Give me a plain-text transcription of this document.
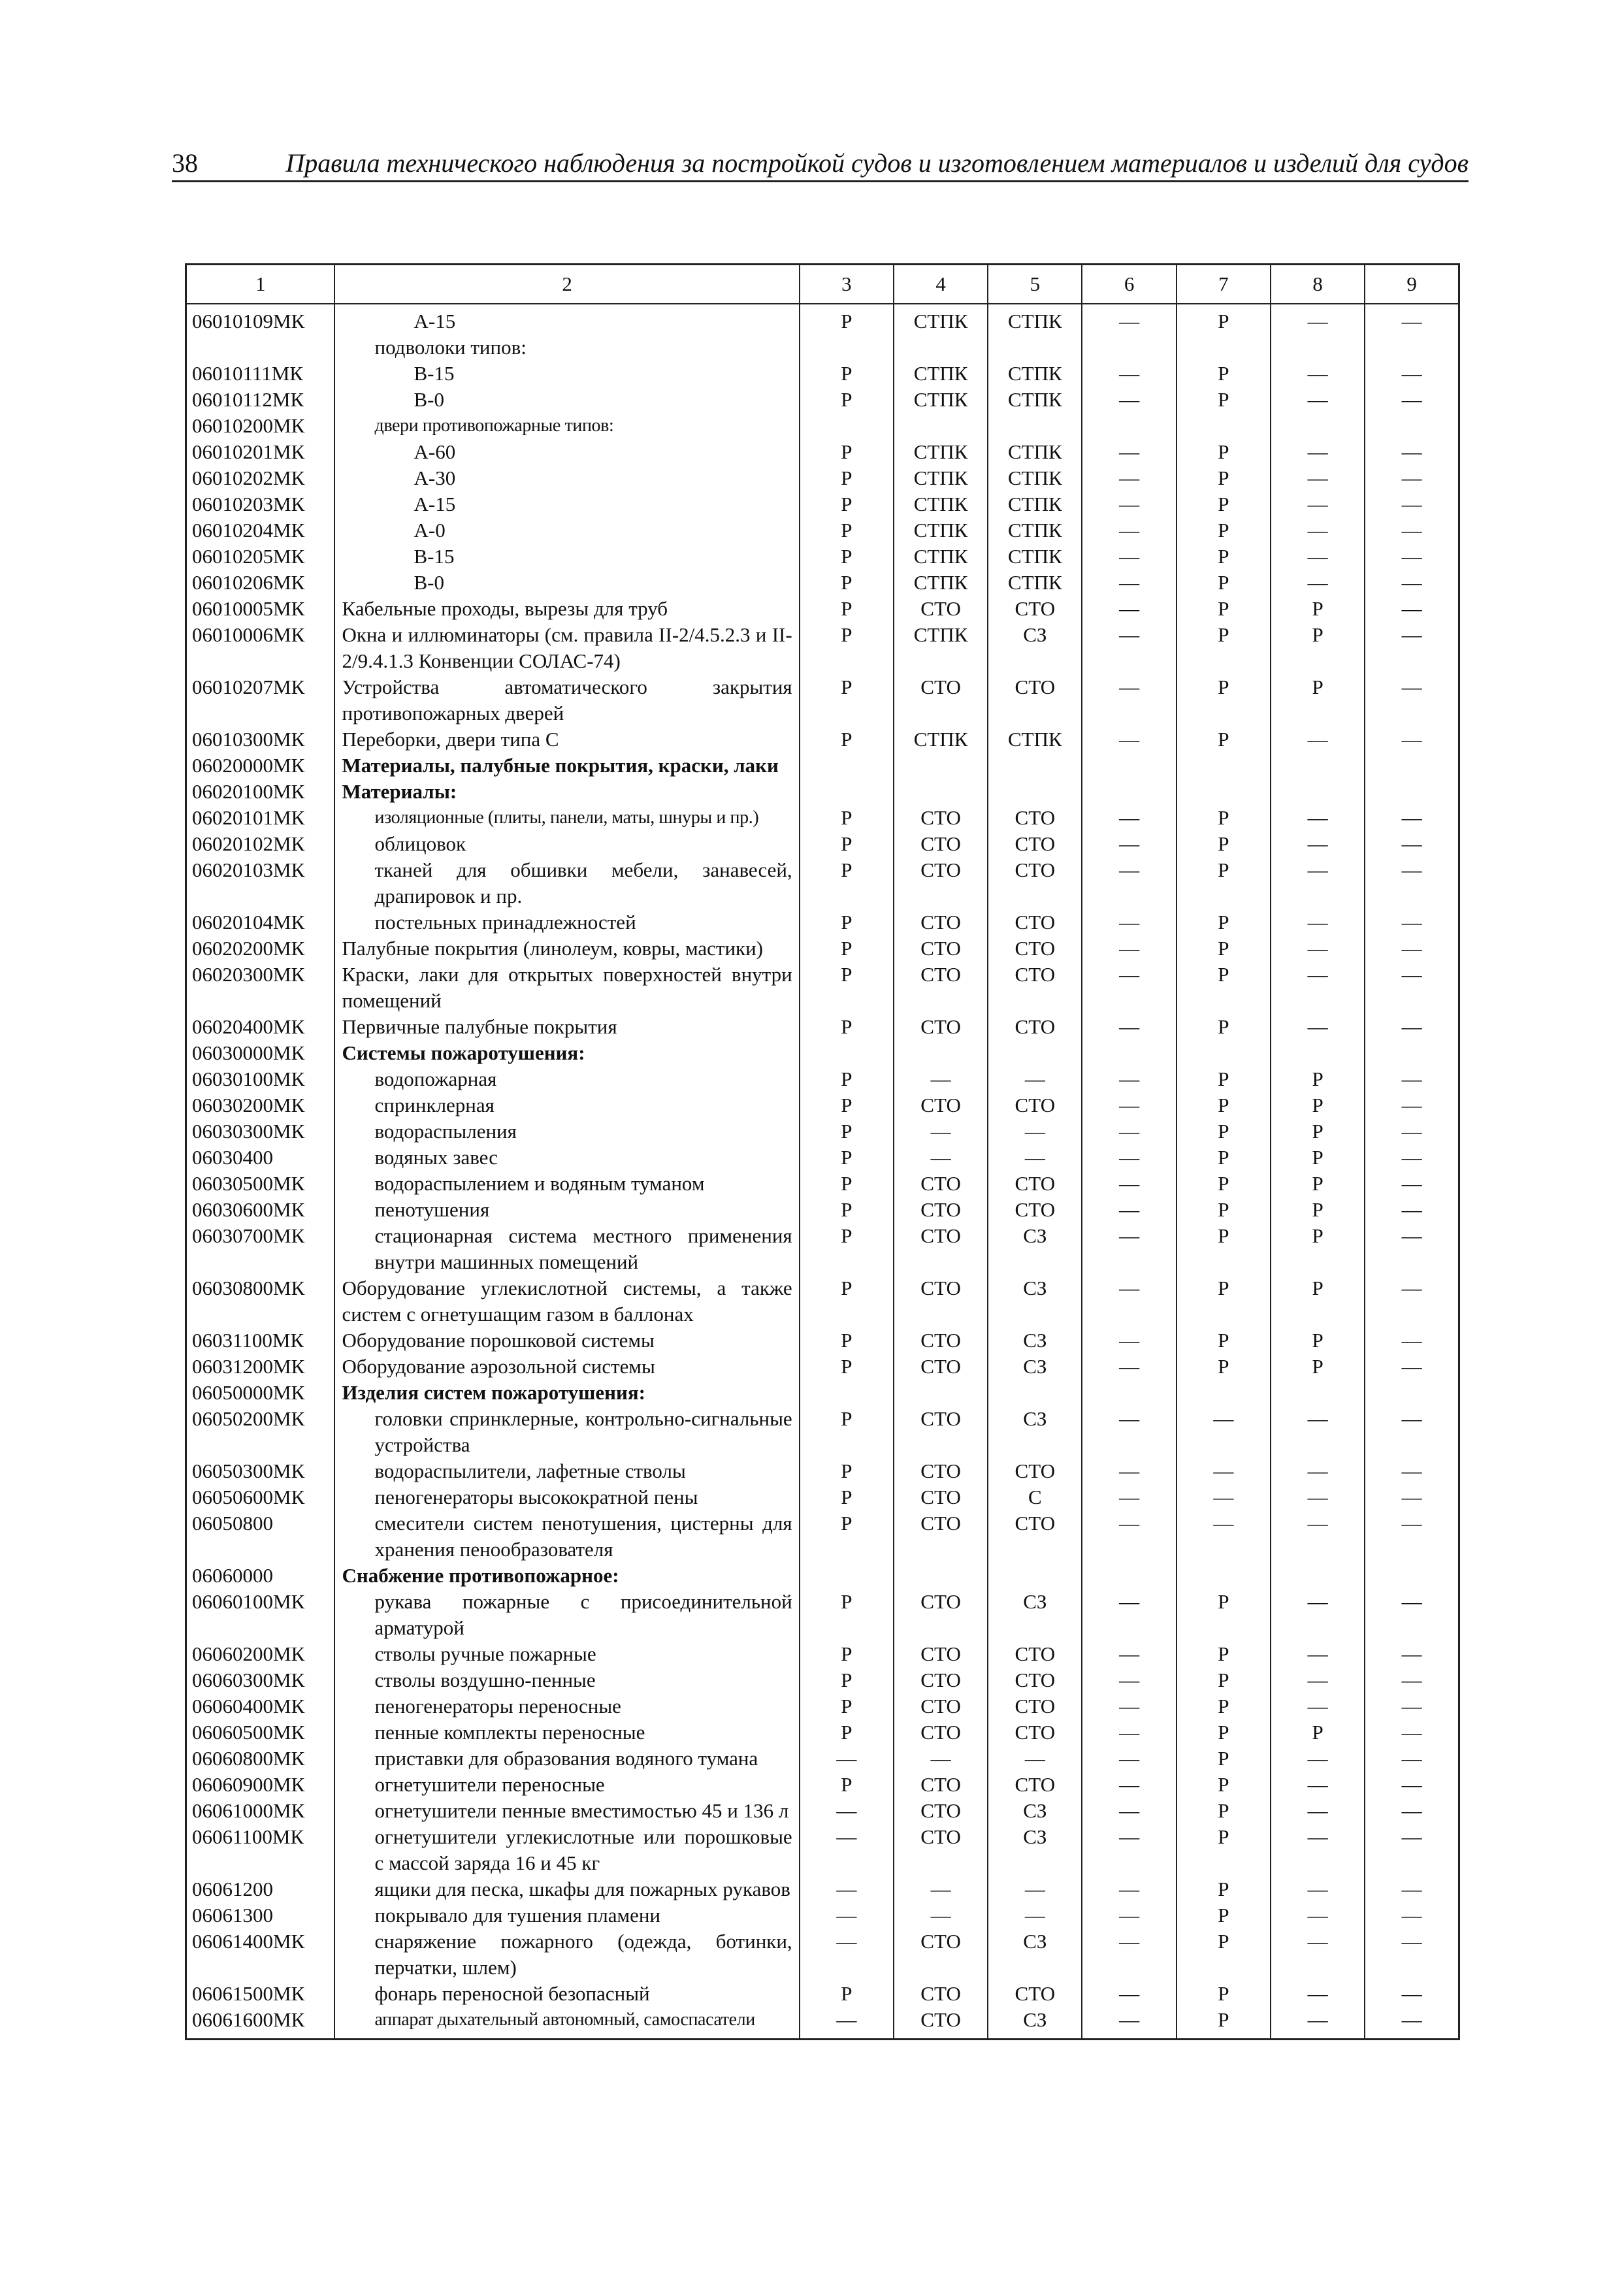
38	Правила технического наблюдения за постройкой судов и изготовлением материалов и изделий для судов
1	2	3	4	5	6	7	8	9
06010109МК	А-15	Р	СТПК	СТПК	—	Р	—	—
	подволоки типов:							
06010111МК	В-15	Р	СТПК	СТПК	—	Р	—	—
06010112МК	В-0	Р	СТПК	СТПК	—	Р	—	—
06010200МК	двери противопожарные типов:							
06010201МК	А-60	Р	СТПК	СТПК	—	Р	—	—
06010202МК	А-30	Р	СТПК	СТПК	—	Р	—	—
06010203МК	А-15	Р	СТПК	СТПК	—	Р	—	—
06010204МК	А-0	Р	СТПК	СТПК	—	Р	—	—
06010205МК	В-15	Р	СТПК	СТПК	—	Р	—	—
06010206МК	В-0	Р	СТПК	СТПК	—	Р	—	—
06010005МК	Кабельные проходы, вырезы для труб	Р	СТО	СТО	—	Р	Р	—
06010006МК	Окна и иллюминаторы (см. правила II-2/4.5.2.3 и II-2/9.4.1.3 Конвенции СОЛАС-74)	Р	СТПК	СЗ	—	Р	Р	—
06010207МК	Устройства автоматического закрытия противопожарных дверей	Р	СТО	СТО	—	Р	Р	—
06010300МК	Переборки, двери типа С	Р	СТПК	СТПК	—	Р	—	—
06020000МК	Материалы, палубные покрытия, краски, лаки							
06020100МК	Материалы:							
06020101МК	изоляционные (плиты, панели, маты, шнуры и пр.)	Р	СТО	СТО	—	Р	—	—
06020102МК	облицовок	Р	СТО	СТО	—	Р	—	—
06020103МК	тканей для обшивки мебели, занавесей, драпировок и пр.	Р	СТО	СТО	—	Р	—	—
06020104МК	постельных принадлежностей	Р	СТО	СТО	—	Р	—	—
06020200МК	Палубные покрытия (линолеум, ковры, мастики)	Р	СТО	СТО	—	Р	—	—
06020300МК	Краски, лаки для открытых поверхностей внутри помещений	Р	СТО	СТО	—	Р	—	—
06020400МК	Первичные палубные покрытия	Р	СТО	СТО	—	Р	—	—
06030000МК	Системы пожаротушения:							
06030100МК	водопожарная	Р	—	—	—	Р	Р	—
06030200МК	спринклерная	Р	СТО	СТО	—	Р	Р	—
06030300МК	водораспыления	Р	—	—	—	Р	Р	—
06030400	водяных завес	Р	—	—	—	Р	Р	—
06030500МК	водораспылением и водяным туманом	Р	СТО	СТО	—	Р	Р	—
06030600МК	пенотушения	Р	СТО	СТО	—	Р	Р	—
06030700МК	стационарная система местного применения внутри машинных помещений	Р	СТО	СЗ	—	Р	Р	—
06030800МК	Оборудование углекислотной системы, а также систем с огнетушащим газом в баллонах	Р	СТО	СЗ	—	Р	Р	—
06031100МК	Оборудование порошковой системы	Р	СТО	СЗ	—	Р	Р	—
06031200МК	Оборудование аэрозольной системы	Р	СТО	СЗ	—	Р	Р	—
06050000МК	Изделия систем пожаротушения:							
06050200МК	головки спринклерные, контрольно-сигнальные устройства	Р	СТО	СЗ	—	—	—	—
06050300МК	водораспылители, лафетные стволы	Р	СТО	СТО	—	—	—	—
06050600МК	пеногенераторы высокократной пены	Р	СТО	С	—	—	—	—
06050800	смесители систем пенотушения, цистерны для хранения пенообразователя	Р	СТО	СТО	—	—	—	—
06060000	Снабжение противопожарное:							
06060100МК	рукава пожарные с присоединительной арматурой	Р	СТО	СЗ	—	Р	—	—
06060200МК	стволы ручные пожарные	Р	СТО	СТО	—	Р	—	—
06060300МК	стволы воздушно-пенные	Р	СТО	СТО	—	Р	—	—
06060400МК	пеногенераторы переносные	Р	СТО	СТО	—	Р	—	—
06060500МК	пенные комплекты переносные	Р	СТО	СТО	—	Р	Р	—
06060800МК	приставки для образования водяного тумана	—	—	—	—	Р	—	—
06060900МК	огнетушители переносные	Р	СТО	СТО	—	Р	—	—
06061000МК	огнетушители пенные вместимостью 45 и 136 л	—	СТО	СЗ	—	Р	—	—
06061100МК	огнетушители углекислотные или порошковые с массой заряда 16 и 45 кг	—	СТО	СЗ	—	Р	—	—
06061200	ящики для песка, шкафы для пожарных рукавов	—	—	—	—	Р	—	—
06061300	покрывало для тушения пламени	—	—	—	—	Р	—	—
06061400МК	снаряжение пожарного (одежда, ботинки, перчатки, шлем)	—	СТО	СЗ	—	Р	—	—
06061500МК	фонарь переносной безопасный	Р	СТО	СТО	—	Р	—	—
06061600МК	аппарат дыхательный автономный, самоспасатели	—	СТО	СЗ	—	Р	—	—
